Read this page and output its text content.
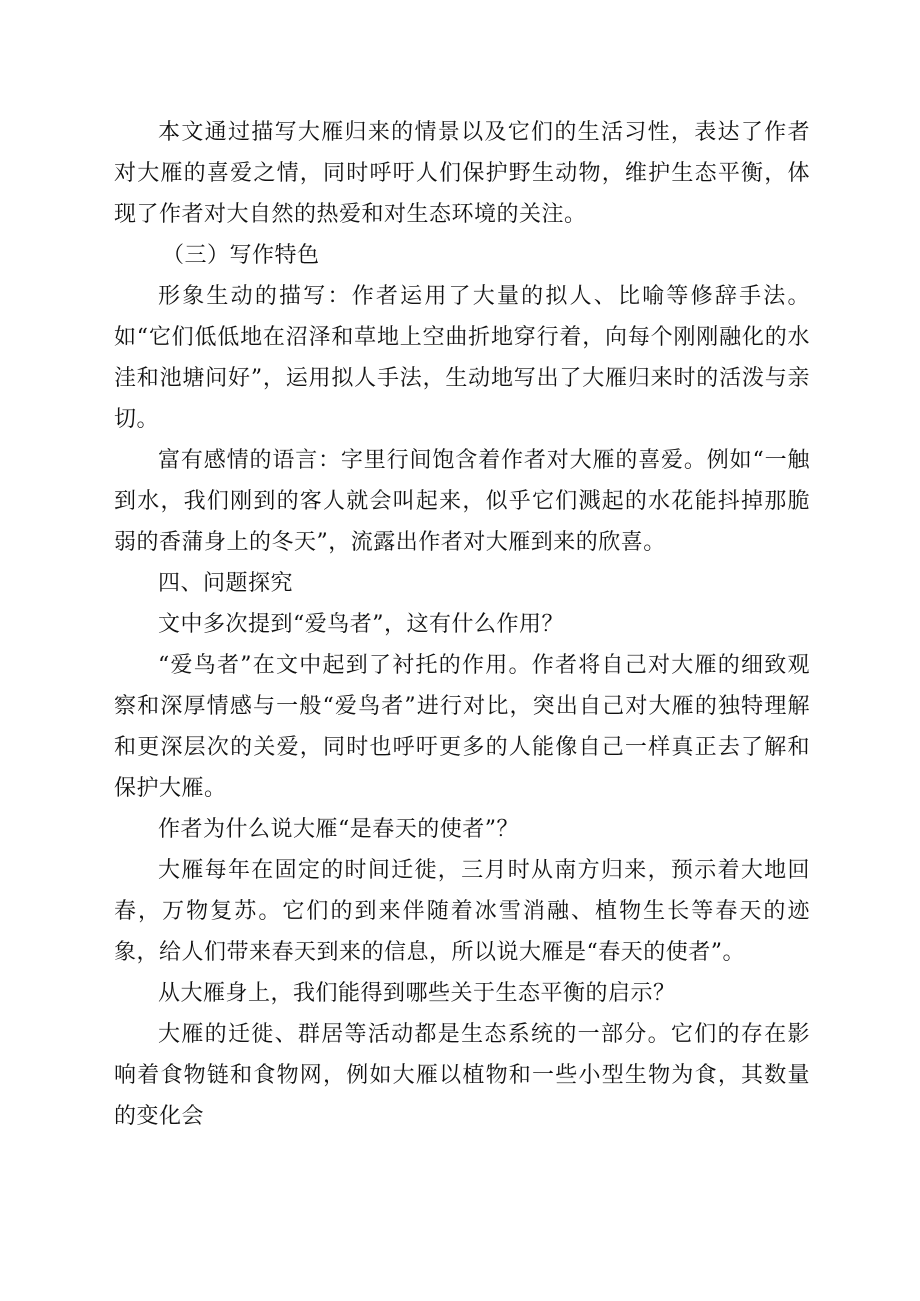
本文通过描写大雁归来的情景以及它们的生活习性，表达了作者对大雁的喜爱之情，同时呼吁人们保护野生动物，维护生态平衡，体现了作者对大自然的热爱和对生态环境的关注。

（三）写作特色

形象生动的描写：作者运用了大量的拟人、比喻等修辞手法。如“它们低低地在沼泽和草地上空曲折地穿行着，向每个刚刚融化的水洼和池塘问好”，运用拟人手法，生动地写出了大雁归来时的活泼与亲切。

富有感情的语言：字里行间饱含着作者对大雁的喜爱。例如“一触到水，我们刚到的客人就会叫起来，似乎它们溅起的水花能抖掉那脆弱的香蒲身上的冬天”，流露出作者对大雁到来的欣喜。

四、问题探究

文中多次提到“爱鸟者”，这有什么作用？

“爱鸟者”在文中起到了衬托的作用。作者将自己对大雁的细致观察和深厚情感与一般“爱鸟者”进行对比，突出自己对大雁的独特理解和更深层次的关爱，同时也呼吁更多的人能像自己一样真正去了解和保护大雁。

作者为什么说大雁“是春天的使者”？

大雁每年在固定的时间迁徙，三月时从南方归来，预示着大地回春，万物复苏。它们的到来伴随着冰雪消融、植物生长等春天的迹象，给人们带来春天到来的信息，所以说大雁是“春天的使者”。

从大雁身上，我们能得到哪些关于生态平衡的启示？

大雁的迁徙、群居等活动都是生态系统的一部分。它们的存在影响着食物链和食物网，例如大雁以植物和一些小型生物为食，其数量的变化会
